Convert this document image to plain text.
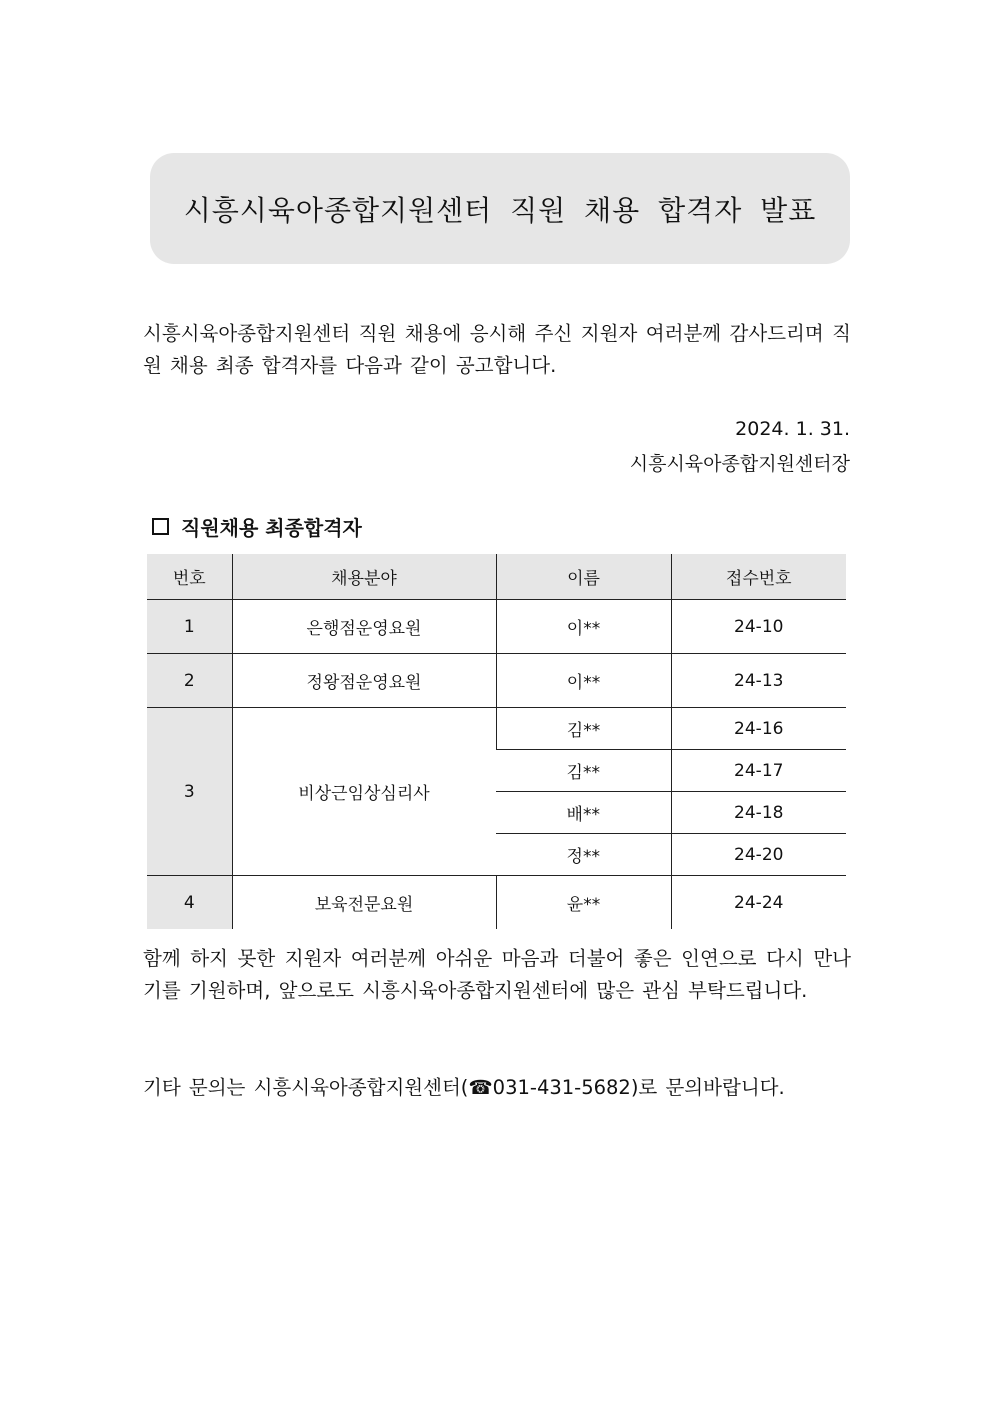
시흥시육아종합지원센터 직원 채용 합격자 발표
시흥시육아종합지원센터 직원 채용에 응시해 주신 지원자 여러분께 감사드리며 직원 채용 최종 합격자를 다음과 같이 공고합니다.
2024. 1. 31.
시흥시육아종합지원센터장
직원채용 최종합격자
번호	채용분야	이름	접수번호
1	은행점운영요원	이**	24-10
2	정왕점운영요원	이**	24-13
3	비상근임상심리사	김**	24-16
		김**	24-17
		배**	24-18
		정**	24-20
4	보육전문요원	윤**	24-24
함께 하지 못한 지원자 여러분께 아쉬운 마음과 더불어 좋은 인연으로 다시 만나기를 기원하며, 앞으로도 시흥시육아종합지원센터에 많은 관심 부탁드립니다.
기타 문의는 시흥시육아종합지원센터(☎031-431-5682)로 문의바랍니다.
